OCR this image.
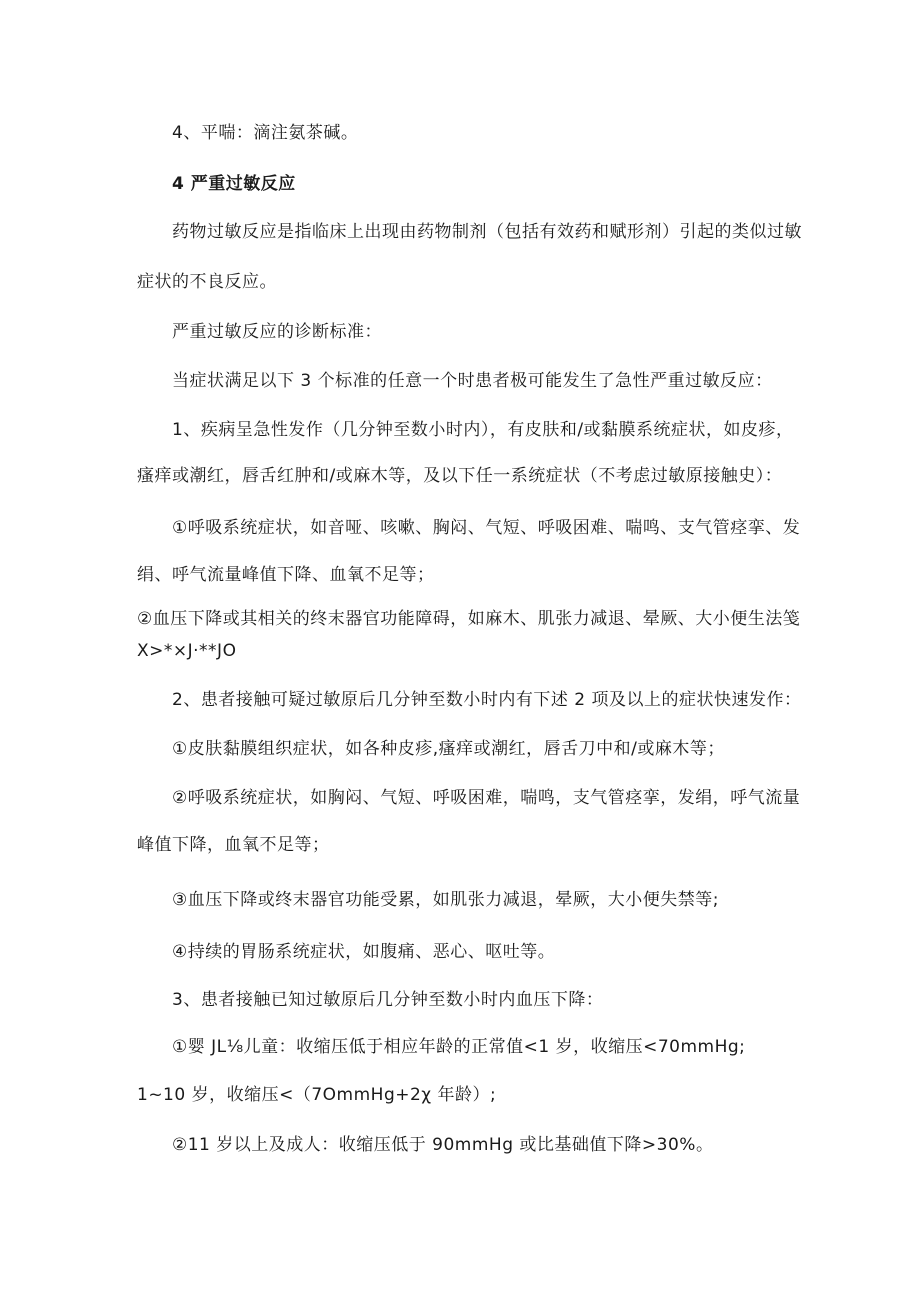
4、平喘：滴注氨茶碱。
4 严重过敏反应
药物过敏反应是指临床上出现由药物制剂（包括有效药和赋形剂）引起的类似过敏
症状的不良反应。
严重过敏反应的诊断标准：
当症状满足以下 3 个标准的任意一个时患者极可能发生了急性严重过敏反应：
1、疾病呈急性发作（几分钟至数小时内），有皮肤和/或黏膜系统症状，如皮疹，
瘙痒或潮红，唇舌红肿和/或麻木等，及以下任一系统症状（不考虑过敏原接触史）：
①呼吸系统症状，如音哑、咳嗽、胸闷、气短、呼吸困难、喘鸣、支气管痉挛、发
绢、呼气流量峰值下降、血氧不足等；
②血压下降或其相关的终末器官功能障碍，如麻木、肌张力减退、晕厥、大小便生法笺
X>*×J·**JO
2、患者接触可疑过敏原后几分钟至数小时内有下述 2 项及以上的症状快速发作：
①皮肤黏膜组织症状，如各种皮疹,瘙痒或潮红，唇舌刀中和/或麻木等；
②呼吸系统症状，如胸闷、气短、呼吸困难，喘鸣，支气管痉挛，发绢，呼气流量
峰值下降，血氧不足等；
③血压下降或终末器官功能受累，如肌张力减退，晕厥，大小便失禁等;
④持续的胃肠系统症状，如腹痛、恶心、呕吐等。
3、患者接触已知过敏原后几分钟至数小时内血压下降：
①婴 JL⅛儿童：收缩压低于相应年龄的正常值<1 岁，收缩压<70mmHg;
1~10 岁，收缩压<（7OmmHg+2χ 年龄）;
②11 岁以上及成人：收缩压低于 90mmHg 或比基础值下降>30%。
